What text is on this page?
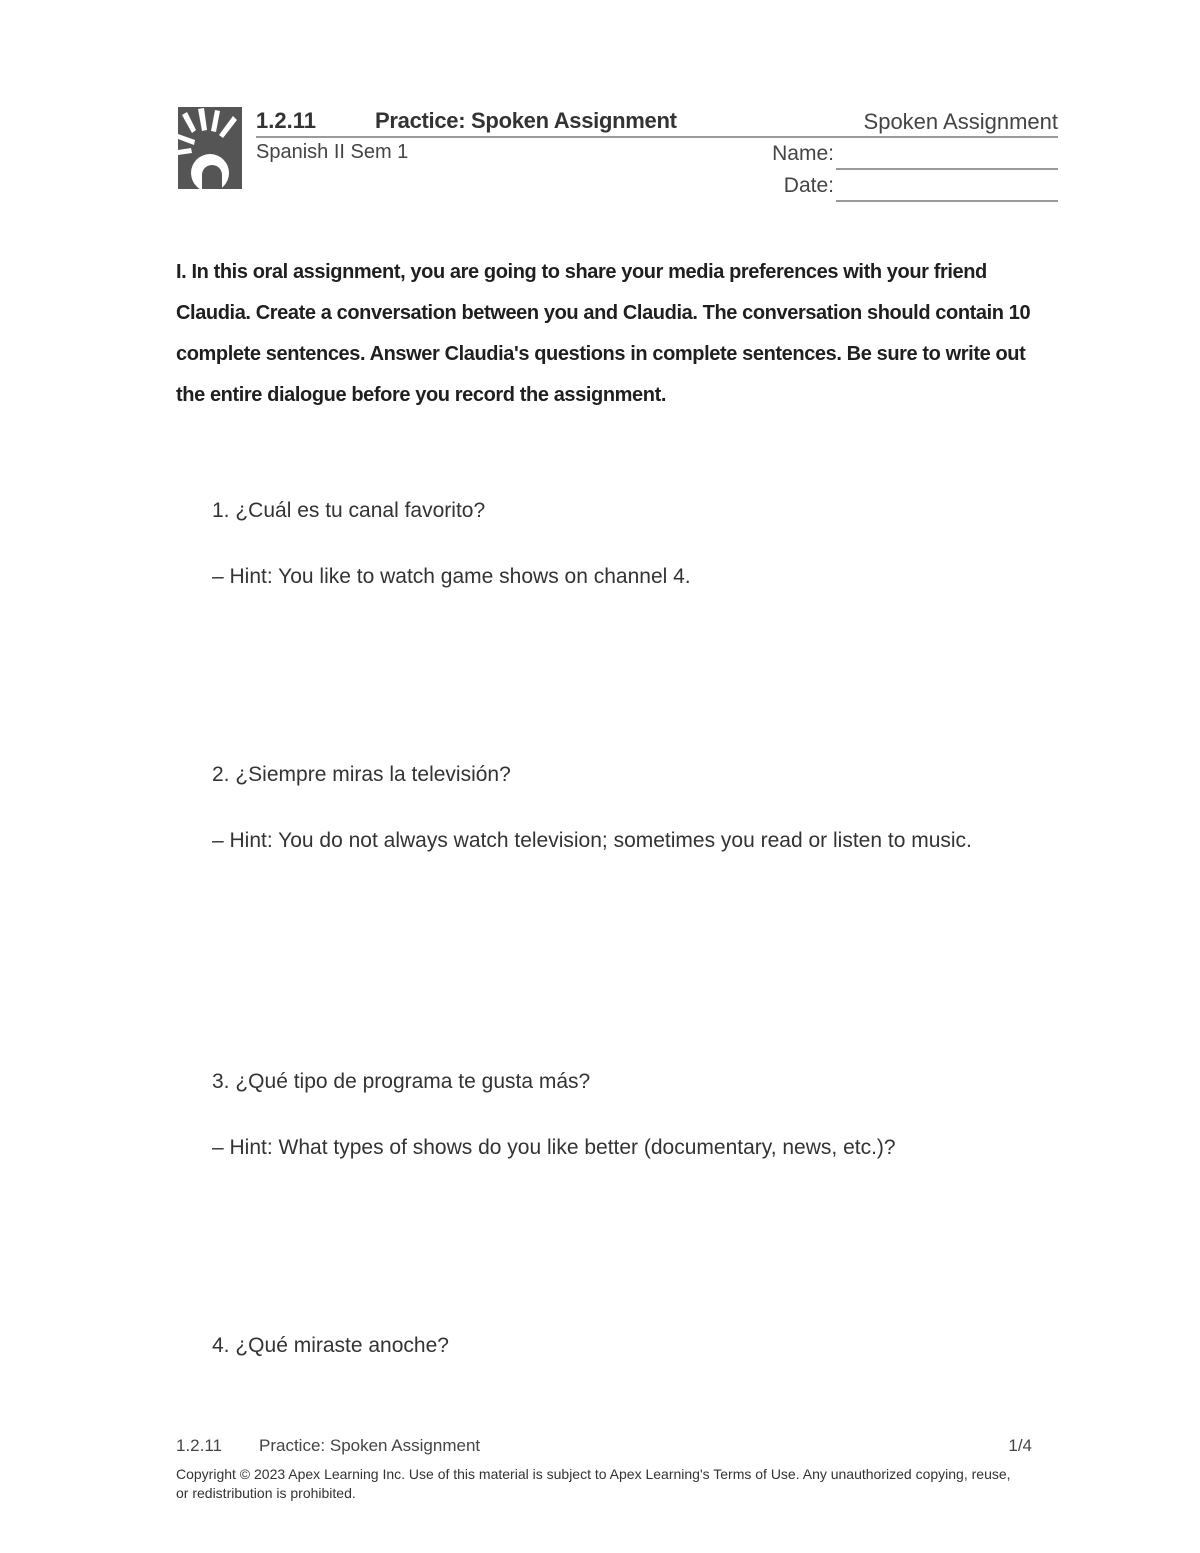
1.2.11	Practice: Spoken Assignment	Spoken Assignment
Spanish II Sem 1	Name:
Date:
I. In this oral assignment, you are going to share your media preferences with your friend Claudia. Create a conversation between you and Claudia. The conversation should contain 10 complete sentences. Answer Claudia's questions in complete sentences. Be sure to write out the entire dialogue before you record the assignment.
1. ¿Cuál es tu canal favorito?
– Hint: You like to watch game shows on channel 4.
2. ¿Siempre miras la televisión?
– Hint: You do not always watch television; sometimes you read or listen to music.
3. ¿Qué tipo de programa te gusta más?
– Hint: What types of shows do you like better (documentary, news, etc.)?
4. ¿Qué miraste anoche?
1.2.11 Practice: Spoken Assignment	1/4
Copyright © 2023 Apex Learning Inc. Use of this material is subject to Apex Learning's Terms of Use. Any unauthorized copying, reuse, or redistribution is prohibited.
